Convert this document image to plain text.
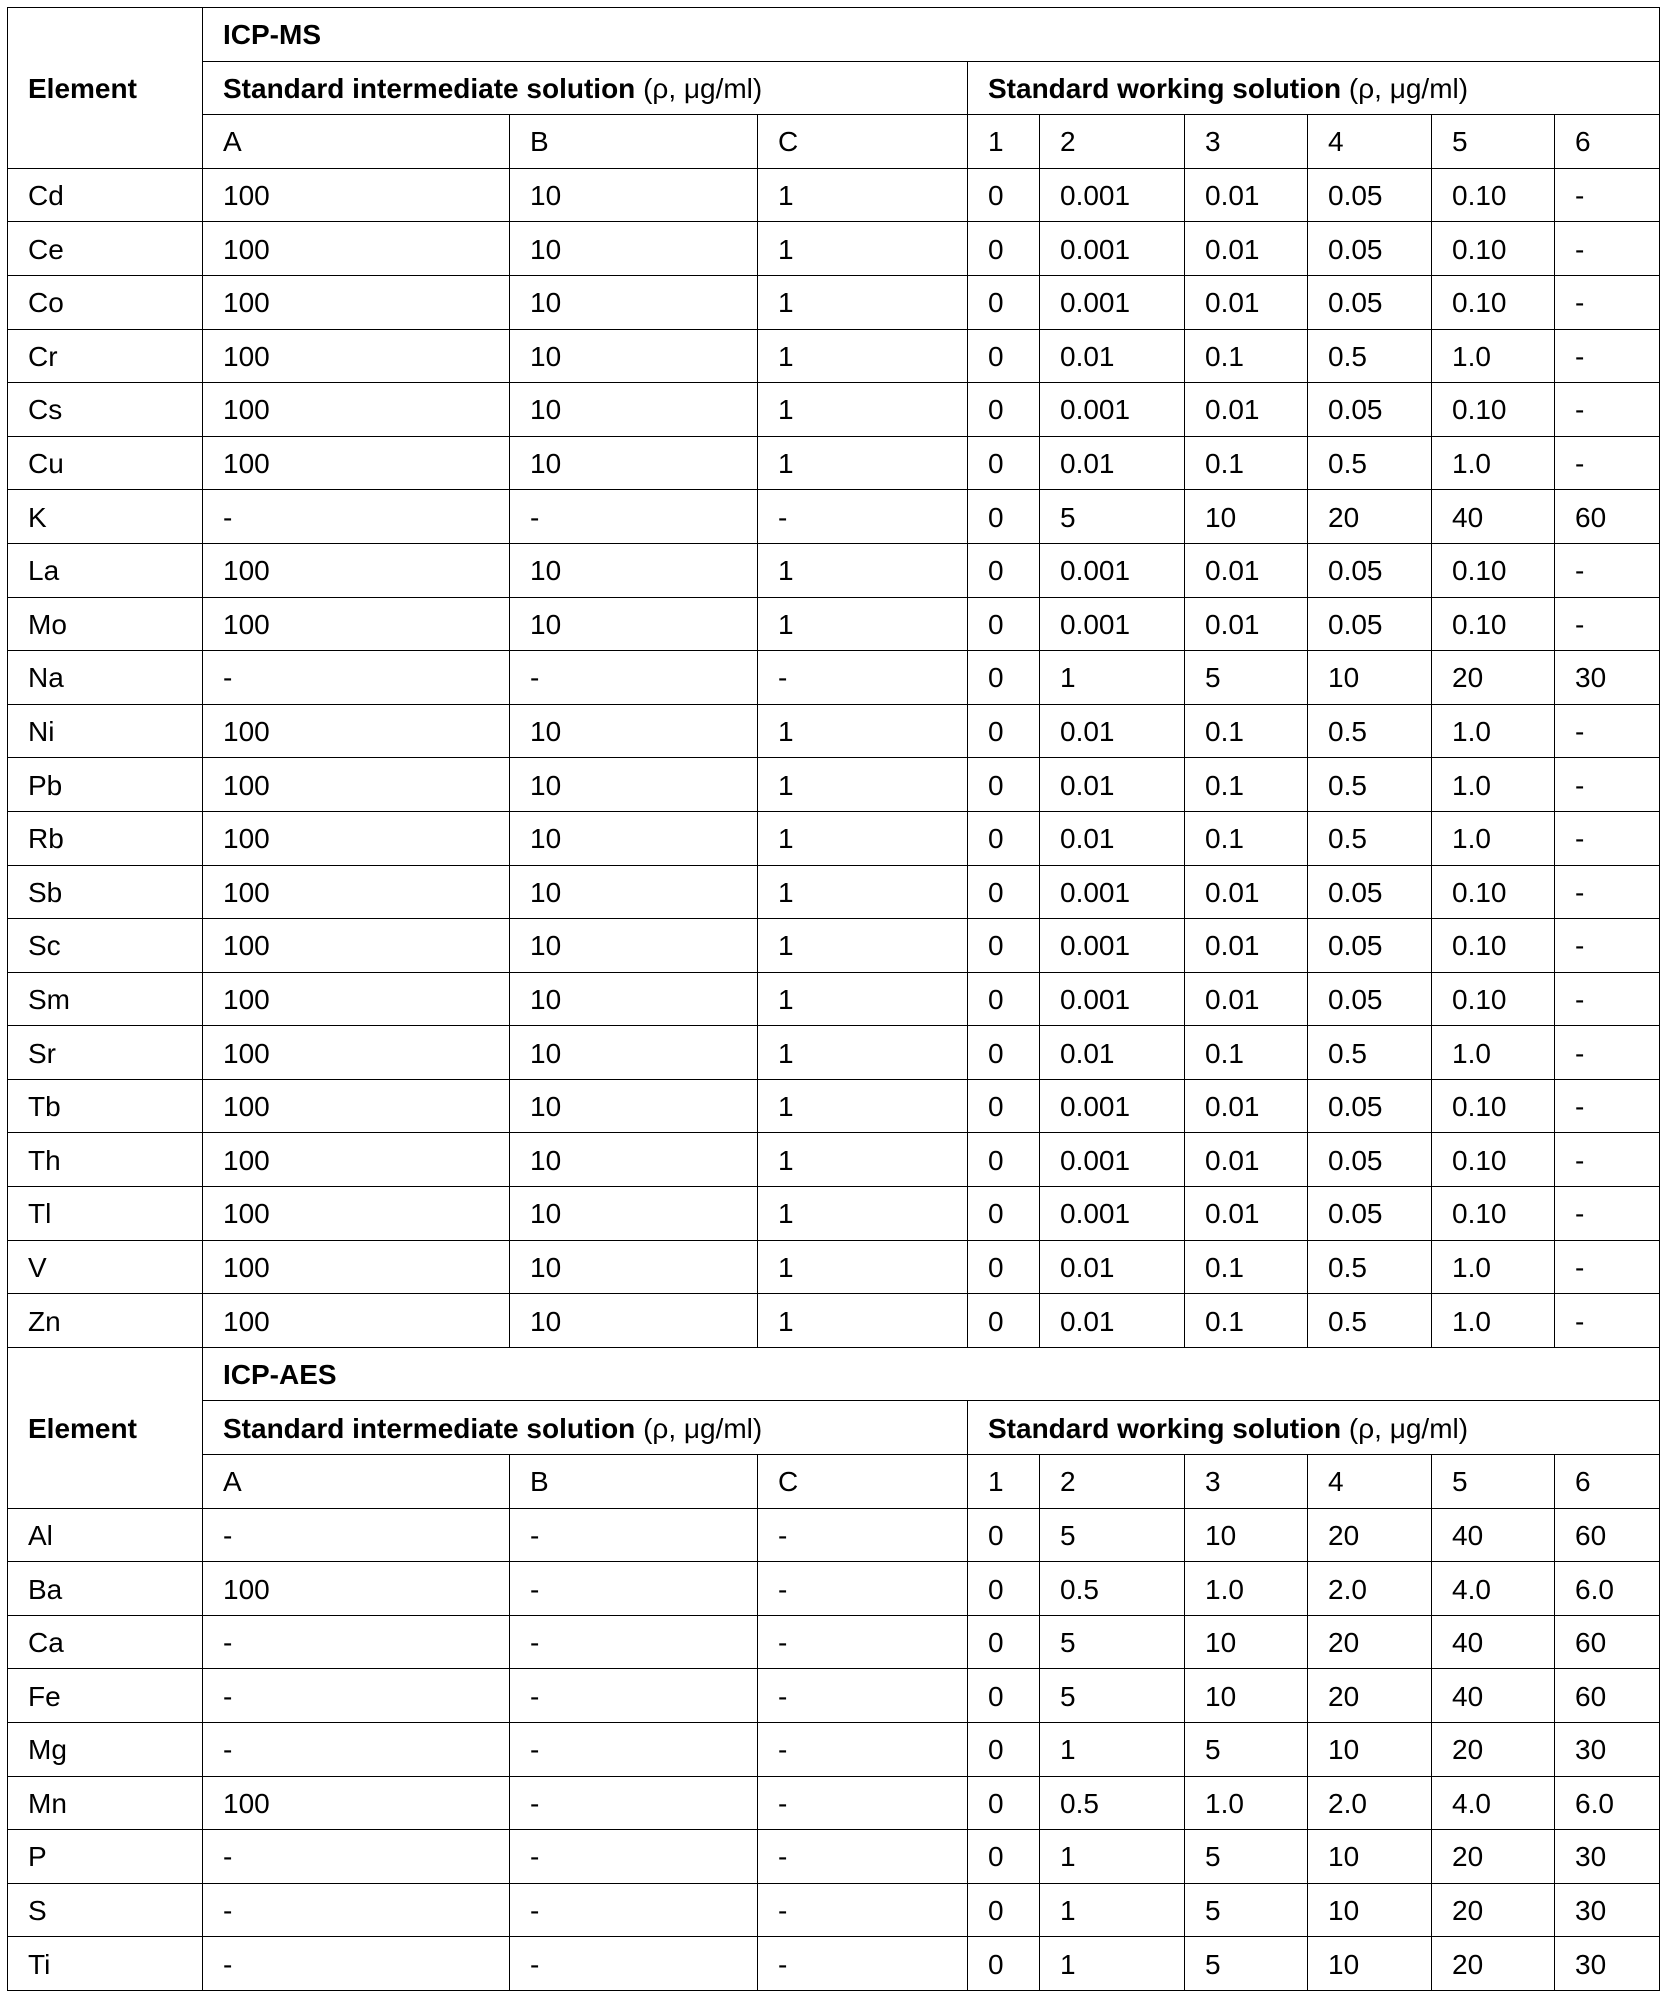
Element	ICP-MS								
	Standard intermediate solution (ρ, μg/ml)			Standard working solution (ρ, μg/ml)					
	A	B	C	1	2	3	4	5	6
Cd	100	10	1	0	0.001	0.01	0.05	0.10	-
Ce	100	10	1	0	0.001	0.01	0.05	0.10	-
Co	100	10	1	0	0.001	0.01	0.05	0.10	-
Cr	100	10	1	0	0.01	0.1	0.5	1.0	-
Cs	100	10	1	0	0.001	0.01	0.05	0.10	-
Cu	100	10	1	0	0.01	0.1	0.5	1.0	-
K	-	-	-	0	5	10	20	40	60
La	100	10	1	0	0.001	0.01	0.05	0.10	-
Mo	100	10	1	0	0.001	0.01	0.05	0.10	-
Na	-	-	-	0	1	5	10	20	30
Ni	100	10	1	0	0.01	0.1	0.5	1.0	-
Pb	100	10	1	0	0.01	0.1	0.5	1.0	-
Rb	100	10	1	0	0.01	0.1	0.5	1.0	-
Sb	100	10	1	0	0.001	0.01	0.05	0.10	-
Sc	100	10	1	0	0.001	0.01	0.05	0.10	-
Sm	100	10	1	0	0.001	0.01	0.05	0.10	-
Sr	100	10	1	0	0.01	0.1	0.5	1.0	-
Tb	100	10	1	0	0.001	0.01	0.05	0.10	-
Th	100	10	1	0	0.001	0.01	0.05	0.10	-
Tl	100	10	1	0	0.001	0.01	0.05	0.10	-
V	100	10	1	0	0.01	0.1	0.5	1.0	-
Zn	100	10	1	0	0.01	0.1	0.5	1.0	-
Element	ICP-AES								
	Standard intermediate solution (ρ, μg/ml)			Standard working solution (ρ, μg/ml)					
	A	B	C	1	2	3	4	5	6
Al	-	-	-	0	5	10	20	40	60
Ba	100	-	-	0	0.5	1.0	2.0	4.0	6.0
Ca	-	-	-	0	5	10	20	40	60
Fe	-	-	-	0	5	10	20	40	60
Mg	-	-	-	0	1	5	10	20	30
Mn	100	-	-	0	0.5	1.0	2.0	4.0	6.0
P	-	-	-	0	1	5	10	20	30
S	-	-	-	0	1	5	10	20	30
Ti	-	-	-	0	1	5	10	20	30
